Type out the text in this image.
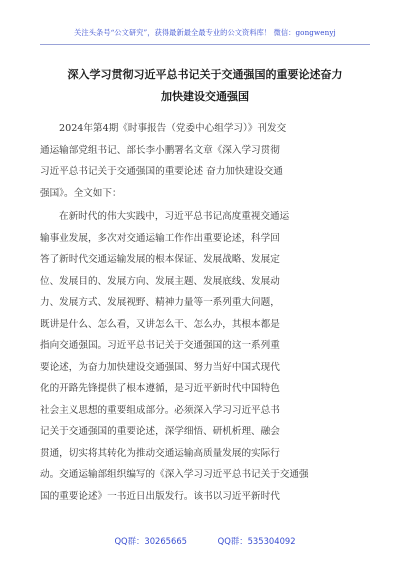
关注头条号“公文研究”，获得最新最全最专业的公文资料库！ 微信：gongwenyj
深入学习贯彻习近平总书记关于交通强国的重要论述奋力
加快建设交通强国
2024年第4期《时事报告（党委中心组学习）》刊发交
通运输部党组书记、部长李小鹏署名文章《深入学习贯彻
习近平总书记关于交通强国的重要论述 奋力加快建设交通
强国》。全文如下：
在新时代的伟大实践中，习近平总书记高度重视交通运
输事业发展，多次对交通运输工作作出重要论述，科学回
答了新时代交通运输发展的根本保证、发展战略、发展定
位、发展目的、发展方向、发展主题、发展底线、发展动
力、发展方式、发展视野、精神力量等一系列重大问题，
既讲是什么、怎么看，又讲怎么干、怎么办，其根本都是
指向交通强国。习近平总书记关于交通强国的这一系列重
要论述，为奋力加快建设交通强国、努力当好中国式现代
化的开路先锋提供了根本遵循，是习近平新时代中国特色
社会主义思想的重要组成部分。必须深入学习习近平总书
记关于交通强国的重要论述，深学细悟、研机析理、融会
贯通，切实将其转化为推动交通运输高质量发展的实际行
动。交通运输部组织编写的《深入学习习近平总书记关于交通强
国的重要论述》一书近日出版发行。该书以习近平新时代
QQ群：30265665	QQ群：535304092
